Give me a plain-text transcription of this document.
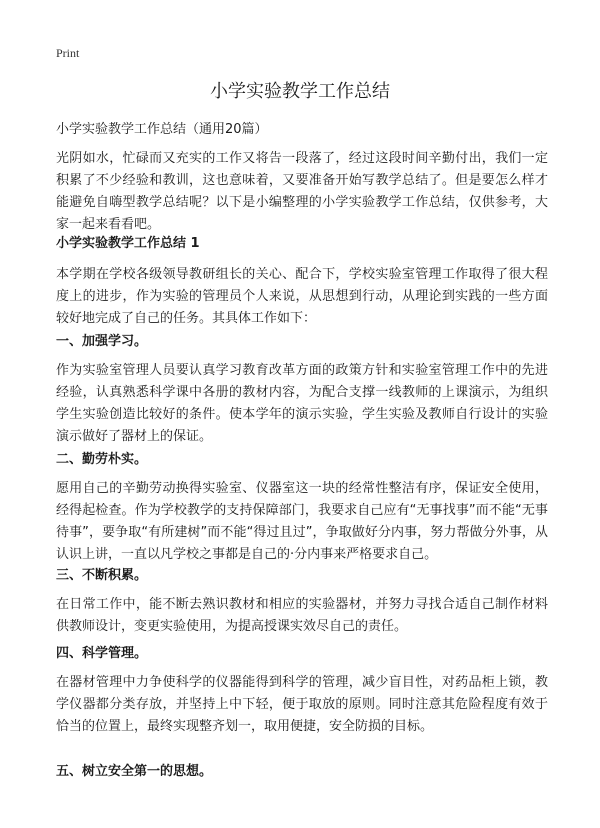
Print
小学实验教学工作总结

小学实验教学工作总结（通用20篇）

光阴如水，忙碌而又充实的工作又将告一段落了，经过这段时间辛勤付出，我们一定积累了不少经验和教训，这也意味着，又要准备开始写教学总结了。但是要怎么样才能避免自嗨型教学总结呢？以下是小编整理的小学实验教学工作总结，仅供参考，大家一起来看看吧。

小学实验教学工作总结 1

本学期在学校各级领导教研组长的关心、配合下，学校实验室管理工作取得了很大程度上的进步，作为实验的管理员个人来说，从思想到行动，从理论到实践的一些方面较好地完成了自己的任务。其具体工作如下：

一、加强学习。

作为实验室管理人员要认真学习教育改革方面的政策方针和实验室管理工作中的先进经验，认真熟悉科学课中各册的教材内容，为配合支撑一线教师的上课演示，为组织学生实验创造比较好的条件。使本学年的演示实验，学生实验及教师自行设计的实验演示做好了器材上的保证。

二、勤劳朴实。

愿用自己的辛勤劳动换得实验室、仪器室这一块的经常性整洁有序，保证安全使用，经得起检查。作为学校教学的支持保障部门，我要求自己应有“无事找事”而不能“无事待事”，要争取“有所建树”而不能“得过且过”，争取做好分内事，努力帮做分外事，从认识上讲，一直以凡学校之事都是自己的·分内事来严格要求自己。

三、不断积累。

在日常工作中，能不断去熟识教材和相应的实验器材，并努力寻找合适自己制作材料供教师设计，变更实验使用，为提高授课实效尽自己的责任。

四、科学管理。

在器材管理中力争使科学的仪器能得到科学的管理，减少盲目性，对药品柜上锁，教学仪器都分类存放，并坚持上中下轻，便于取放的原则。同时注意其危险程度有效于恰当的位置上，最终实现整齐划一，取用便捷，安全防损的目标。

五、树立安全第一的思想。
